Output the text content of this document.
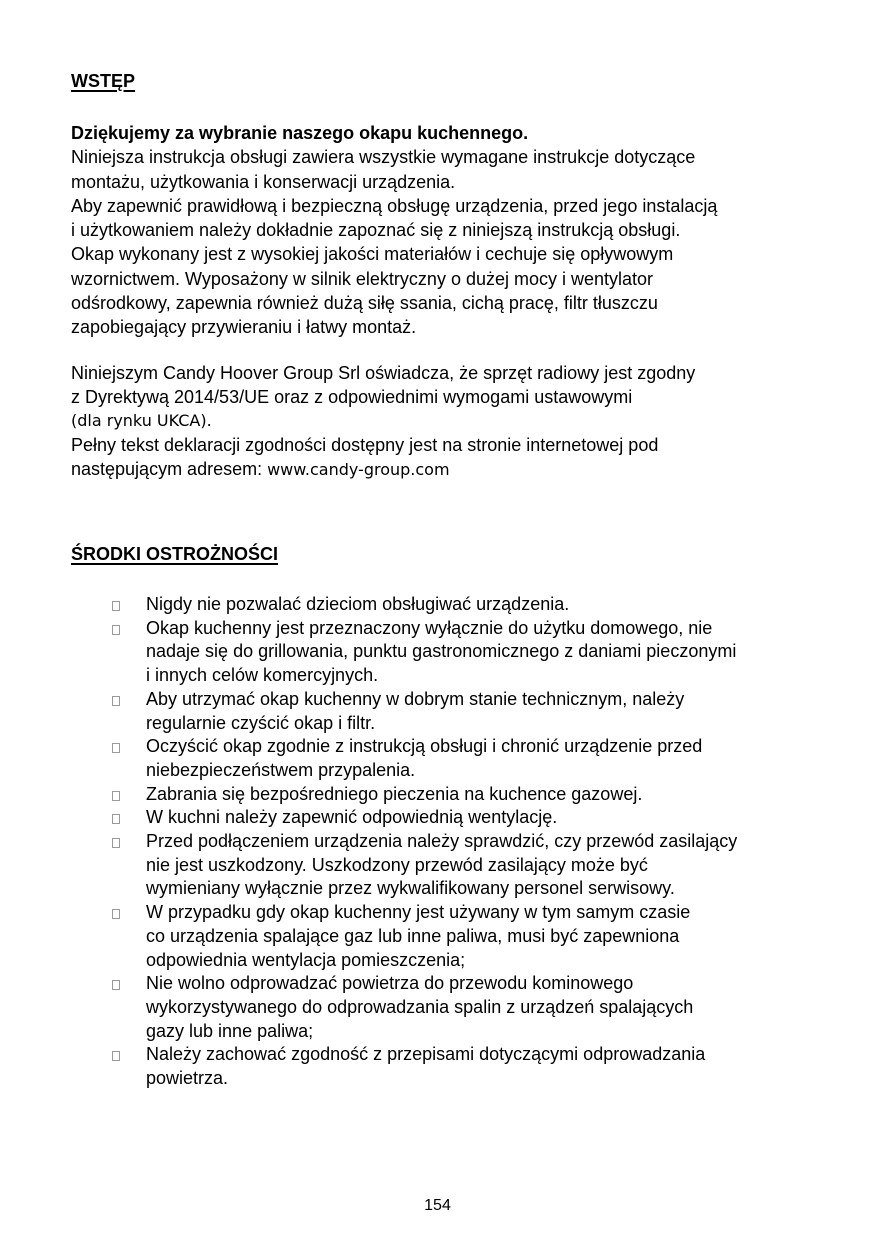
WSTĘP
Dziękujemy za wybranie naszego okapu kuchennego.
Niniejsza instrukcja obsługi zawiera wszystkie wymagane instrukcje dotyczące
montażu, użytkowania i konserwacji urządzenia.
Aby zapewnić prawidłową i bezpieczną obsługę urządzenia, przed jego instalacją
i użytkowaniem należy dokładnie zapoznać się z niniejszą instrukcją obsługi.
Okap wykonany jest z wysokiej jakości materiałów i cechuje się opływowym
wzornictwem. Wyposażony w silnik elektryczny o dużej mocy i wentylator
odśrodkowy, zapewnia również dużą siłę ssania, cichą pracę, filtr tłuszczu
zapobiegający przywieraniu i łatwy montaż.
Niniejszym Candy Hoover Group Srl oświadcza, że sprzęt radiowy jest zgodny
z Dyrektywą 2014/53/UE oraz z odpowiednimi wymogami ustawowymi
(dla rynku UKCA).
Pełny tekst deklaracji zgodności dostępny jest na stronie internetowej pod
następującym adresem: www.candy-group.com
ŚRODKI OSTROŻNOŚCI
Nigdy nie pozwalać dzieciom obsługiwać urządzenia.
Okap kuchenny jest przeznaczony wyłącznie do użytku domowego, nie
nadaje się do grillowania, punktu gastronomicznego z daniami pieczonymi
i innych celów komercyjnych.
Aby utrzymać okap kuchenny w dobrym stanie technicznym, należy
regularnie czyścić okap i filtr.
Oczyścić okap zgodnie z instrukcją obsługi i chronić urządzenie przed
niebezpieczeństwem przypalenia.
Zabrania się bezpośredniego pieczenia na kuchence gazowej.
W kuchni należy zapewnić odpowiednią wentylację.
Przed podłączeniem urządzenia należy sprawdzić, czy przewód zasilający
nie jest uszkodzony. Uszkodzony przewód zasilający może być
wymieniany wyłącznie przez wykwalifikowany personel serwisowy.
W przypadku gdy okap kuchenny jest używany w tym samym czasie
co urządzenia spalające gaz lub inne paliwa, musi być zapewniona
odpowiednia wentylacja pomieszczenia;
Nie wolno odprowadzać powietrza do przewodu kominowego
wykorzystywanego do odprowadzania spalin z urządzeń spalających
gazy lub inne paliwa;
Należy zachować zgodność z przepisami dotyczącymi odprowadzania
powietrza.
154
